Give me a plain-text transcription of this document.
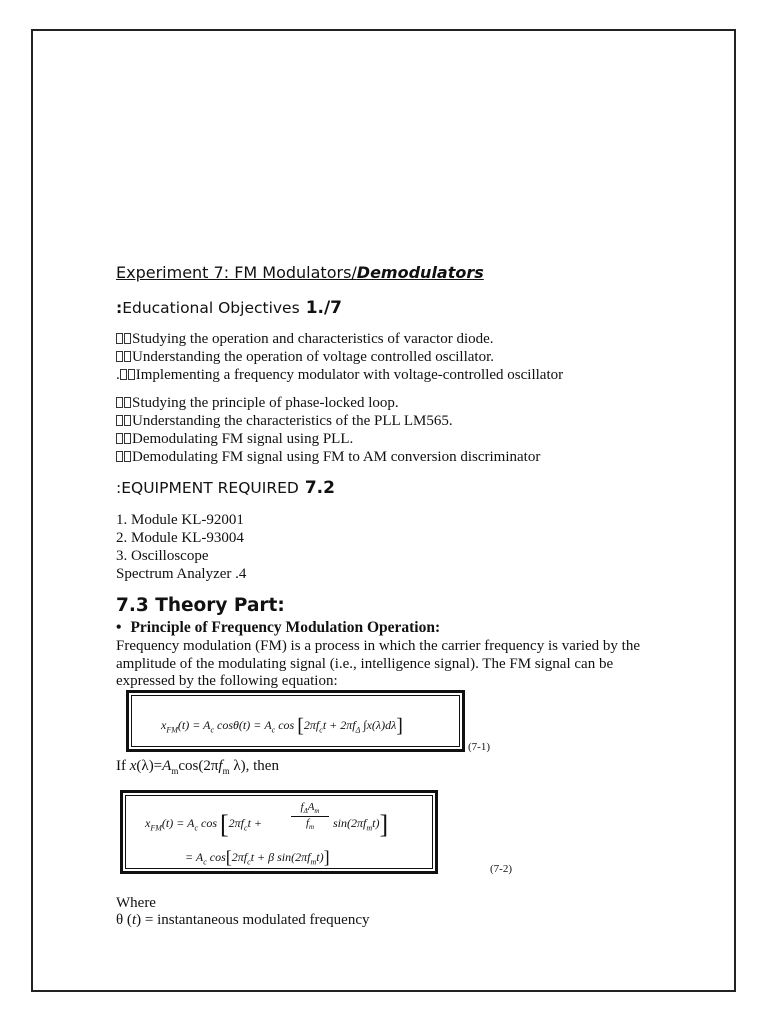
Experiment 7: FM Modulators/Demodulators
:Educational Objectives 1./7
Studying the operation and characteristics of varactor diode.
Understanding the operation of voltage controlled oscillator.
. Implementing a frequency modulator with voltage-controlled oscillator
Studying the principle of phase-locked loop.
Understanding the characteristics of the PLL LM565.
Demodulating FM signal using PLL.
Demodulating FM signal using FM to AM conversion discriminator
:EQUIPMENT REQUIRED 7.2
1. Module KL-92001
2. Module KL-93004
3. Oscilloscope
Spectrum Analyzer .4
7.3 Theory Part:
• Principle of Frequency Modulation Operation:
Frequency modulation (FM) is a process in which the carrier frequency is varied by the amplitude of the modulating signal (i.e., intelligence signal). The FM signal can be expressed by the following equation:
$x_{FM}(t) = A_c$ $\cos\theta(t) = A_c$ $\cos [2\pi f_ct + 2\pi f_\Delta$ ∫x(λ)dλ]
(7-1)
If $x(\lambda)=A_m\cos(2\pi f_m$ λ), then
$x_{FM}(t) = A_c$ $\cos [2\pi f_ct$ +
$f_\Delta A_m$
$f_m$	$\sin(2\pi f_mt)$]
= $A_c$ $\cos[2\pi f_ct + \beta$ $\sin(2\pi f_mt)$]
(7-2)
Where
θ (t) = instantaneous modulated frequency
